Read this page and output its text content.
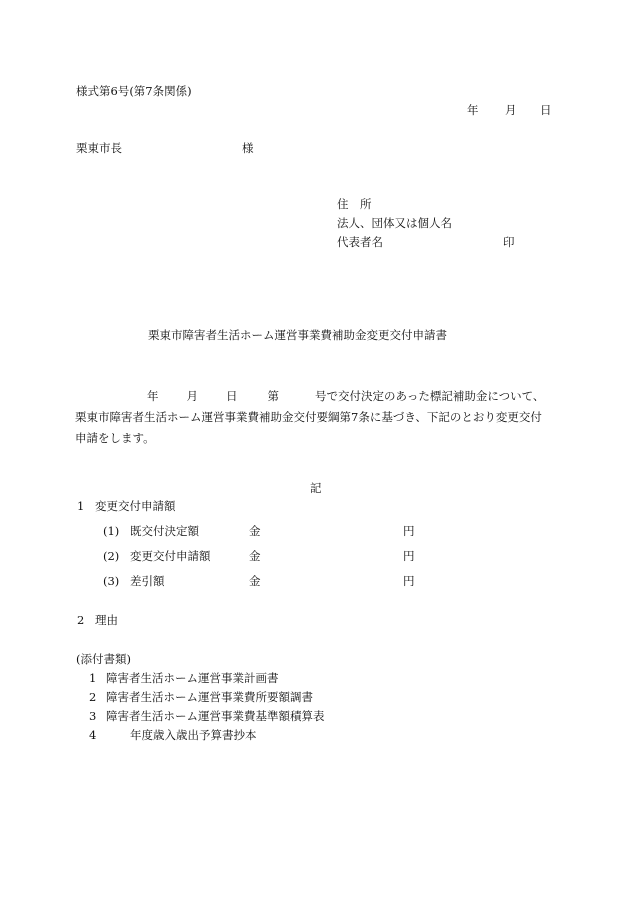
様式第6号(第7条関係)
年 月 日
栗東市長	様
住　所
法人、団体又は個人名
代表者名	印
栗東市障害者生活ホーム運営事業費補助金変更交付申請書
年 月 日	第	号で交付決定のあった標記補助金について、
栗東市障害者生活ホーム運営事業費補助金交付要綱第7条に基づき、下記のとおり変更交付
申請をします。
記
1 変更交付申請額
(1) 既交付決定額	金	円
(2) 変更交付申請額	金	円
(3) 差引額	金	円
2 理由
(添付書類)
1 障害者生活ホーム運営事業計画書
2 障害者生活ホーム運営事業費所要額調書
3 障害者生活ホーム運営事業費基準額積算表
4	年度歳入歳出予算書抄本
